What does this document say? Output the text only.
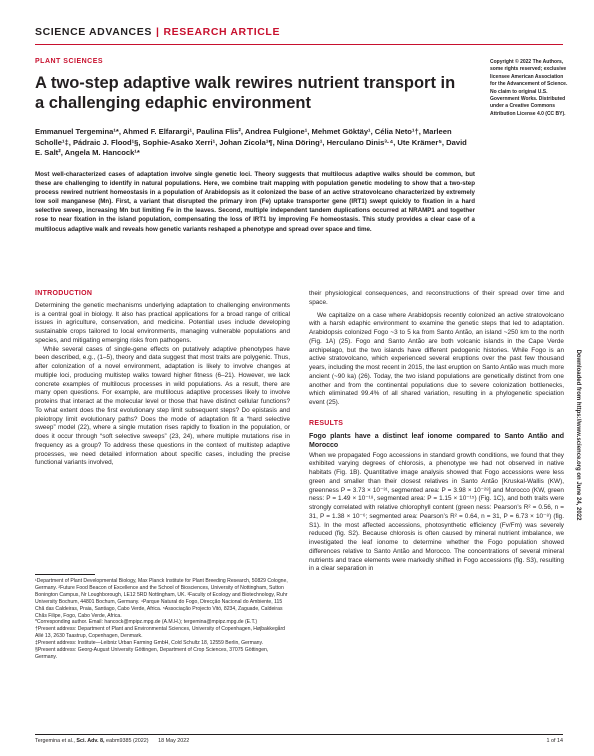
SCIENCE ADVANCES | RESEARCH ARTICLE
PLANT SCIENCES
A two-step adaptive walk rewires nutrient transport in a challenging edaphic environment
Emmanuel Tergemina¹*, Ahmed F. Elfarargi¹, Paulina Flis², Andrea Fulgione¹, Mehmet Göktäy¹, Célia Neto¹†, Marleen Scholle¹‡, Pádraic J. Flood¹§, Sophie-Asako Xerri¹, Johan Zicola¹¶, Nina Döring¹, Herculano Dinis³·⁴, Ute Krämer⁵, David E. Salt², Angela M. Hancock¹*
Most well-characterized cases of adaptation involve single genetic loci. Theory suggests that multilocus adaptive walks should be common, but these are challenging to identify in natural populations. Here, we combine trait mapping with population genetic modeling to show that a two-step process rewired nutrient homeostasis in a population of Arabidopsis as it colonized the base of an active stratovolcano characterized by extremely low soil manganese (Mn). First, a variant that disrupted the primary iron (Fe) uptake transporter gene (IRT1) swept quickly to fixation in a hard selective sweep, increasing Mn but limiting Fe in the leaves. Second, multiple independent tandem duplications occurred at NRAMP1 and together rose to near fixation in the island population, compensating the loss of IRT1 by improving Fe homeostasis. This study provides a clear case of a multilocus adaptive walk and reveals how genetic variants reshaped a phenotype and spread over space and time.
Copyright © 2022 The Authors, some rights reserved; exclusive licensee American Association for the Advancement of Science. No claim to original U.S. Government Works. Distributed under a Creative Commons Attribution License 4.0 (CC BY).
INTRODUCTION

Determining the genetic mechanisms underlying adaptation to challenging environments is a central goal in biology. It also has practical applications for a broad range of critical issues in agriculture, conservation, and medicine. Potential uses include developing sustainable crops tailored to local environments, managing vulnerable populations and species, and mitigating emerging risks from pathogens.

While several cases of single-gene effects on putatively adaptive phenotypes have been described, e.g., (1–5), theory and data suggest that most traits are polygenic. Thus, after colonization of a novel environment, adaptation is likely to involve changes at multiple loci, producing multistep walks toward higher fitness (6–21). However, we lack concrete examples of multilocus processes in wild populations. As a result, there are many open questions. For example, are multilocus adaptive processes likely to involve proteins that interact at the molecular level or those that have distinct cellular functions? To what extent does the first evolutionary step limit subsequent steps? Do epistasis and pleiotropy limit evolutionary paths? Does the mode of adaptation fit a “hard selective sweep” model (22), where a single mutation rises rapidly to fixation in the population, or does it occur through “soft selective sweeps” (23, 24), where multiple mutations rise in frequency as a group? To address these questions in the context of multistep adaptive processes, we need detailed information about specific cases, including the precise functional variants involved,

¹Department of Plant Developmental Biology, Max Planck Institute for Plant Breeding Research, 50829 Cologne, Germany. ²Future Food Beacon of Excellence and the School of Biosciences, University of Nottingham, Sutton Bonington Campus, Nr Loughborough, LE12 5RD Nottingham, UK. ³Faculty of Ecology and Biotechnology, Ruhr University Bochum, 44801 Bochum, Germany. ⁴Parque Natural do Fogo, Direcção Nacional do Ambiente, 115 Chã das Caldeiras, Praia, Santiago, Cabo Verde, Africa. ⁵Associação Projecto Vitó, 8234, Zaguade, Caldeiras Chãs Filipe, Fogo, Cabo Verde, Africa.

*Corresponding author. Email: hancock@mpipz.mpg.de (A.M.H.); tergemina@mpipz.mpg.de (E.T.)

†Present address: Department of Plant and Environmental Sciences, University of Copenhagen, Højbakkegård Allé 13, 2630 Taastrup, Copenhagen, Denmark.

‡Present address: Institute—Leibniz Urban Farming GmbH, Cold Schultz 18, 12559 Berlin, Germany.

§Present address: Georg-August University Göttingen, Department of Crop Sciences, 37075 Göttingen, Germany.

their physiological consequences, and reconstructions of their spread over time and space.

We capitalize on a case where Arabidopsis recently colonized an active stratovolcano with a harsh edaphic environment to examine the genetic steps that led to adaptation. Arabidopsis colonized Fogo ~3 to 5 ka from Santo Antão, an island ~250 km to the north (Fig. 1A) (25). Fogo and Santo Antão are both volcanic islands in the Cape Verde archipelago, but the two islands have different pedogenic histories. While Fogo is an active stratovolcano, which experienced several eruptions over the past few thousand years, including the most recent in 2015, the last eruption on Santo Antão was much more ancient (~90 ka) (26). Today, the two island populations are genetically distinct from one another and from the continental populations due to severe colonization bottlenecks, which eliminated 99.4% of all shared variation, resulting in a phylogenetic speciation event (25).

RESULTS
Fogo plants have a distinct leaf ionome compared to Santo Antão and Morocco

When we propagated Fogo accessions in standard growth conditions, we found that they exhibited varying degrees of chlorosis, a phenotype we had not observed in native habitats (Fig. 1B). Quantitative image analysis showed that Fogo accessions were less green and smaller than their closest relatives in Santo Antão [Kruskal-Wallis (KW), greenness P = 3.73 × 10⁻³¹, segmented area: P = 3.98 × 10⁻²⁸] and Morocco (KW, green ness: P = 1.49 × 10⁻¹⁸, segmented area: P = 1.15 × 10⁻¹⁵) (Fig. 1C), and both traits were strongly correlated with relative chlorophyll content (green ness: Pearson’s R² = 0.56, n = 31, P = 1.38 × 10⁻⁶; segmented area: Pearson’s R² = 0.64, n = 31, P = 6.73 × 10⁻⁸) (fig. S1). In the most affected accessions, photosynthetic efficiency (Fv/Fm) was severely reduced (fig. S2). Because chlorosis is often caused by mineral nutrient imbalance, we investigated the leaf ionome to determine whether the Fogo population showed differences relative to Santo Antão and Morocco. The concentrations of several mineral nutrients and trace elements were markedly shifted in Fogo accessions (fig. S3), resulting in a clear separation in

Downloaded from https://www.science.org on June 24, 2022
Tergemina et al., Sci. Adv. 8, eabm9385 (2022) 18 May 2022	1 of 14
